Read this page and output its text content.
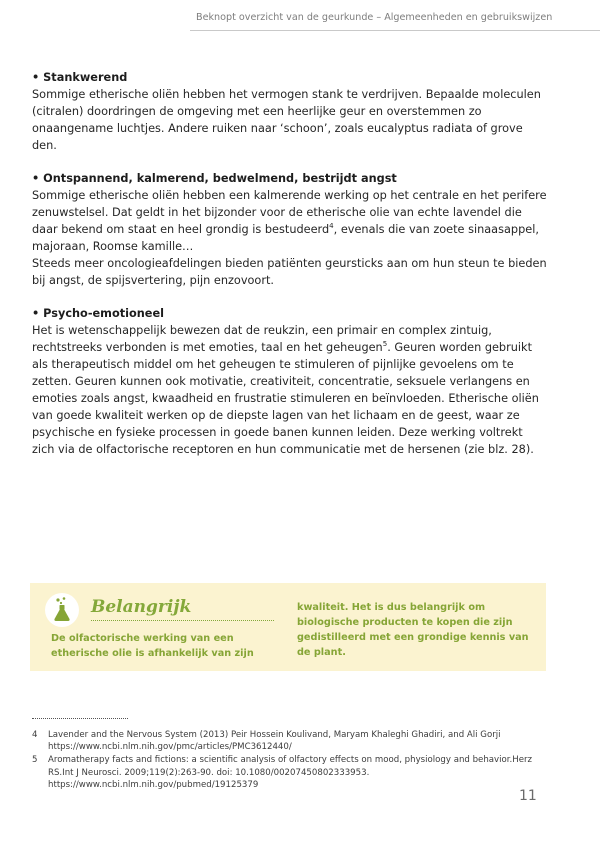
Beknopt overzicht van de geurkunde – Algemeenheden en gebruikswijzen
• Stankwerend

Sommige etherische oliën hebben het vermogen stank te verdrijven. Bepaalde moleculen (citralen) doordringen de omgeving met een heerlijke geur en overstemmen zo onaangename luchtjes. Andere ruiken naar ‘schoon’, zoals eucalyptus radiata of grove den.

• Ontspannend, kalmerend, bedwelmend, bestrijdt angst

Sommige etherische oliën hebben een kalmerende werking op het centrale en het perifere zenuwstelsel. Dat geldt in het bijzonder voor de etherische olie van echte lavendel die daar bekend om staat en heel grondig is bestudeerd$^4$, evenals die van zoete sinaasappel, majoraan, Roomse kamille…

Steeds meer oncologieafdelingen bieden patiënten geursticks aan om hun steun te bieden bij angst, de spijsvertering, pijn enzovoort.

• Psycho-emotioneel

Het is wetenschappelijk bewezen dat de reukzin, een primair en complex zintuig, rechtstreeks verbonden is met emoties, taal en het geheugen$^5$. Geuren worden gebruikt als therapeutisch middel om het geheugen te stimuleren of pijnlijke gevoelens om te zetten. Geuren kunnen ook motivatie, creativiteit, concentratie, seksuele verlangens en emoties zoals angst, kwaadheid en frustratie stimuleren en beïnvloeden. Etherische oliën van goede kwaliteit werken op de diepste lagen van het lichaam en de geest, waar ze psychische en fysieke processen in goede banen kunnen leiden. Deze werking voltrekt zich via de olfactorische receptoren en hun communicatie met de hersenen (zie blz. 28).

Belangrijk
De olfactorische werking van een etherische olie is afhankelijk van zijn
kwaliteit. Het is dus belangrijk om biologische producten te kopen die zijn gedistilleerd met een grondige kennis van de plant.
4	Lavender and the Nervous System (2013) Peir Hossein Koulivand, Maryam Khaleghi Ghadiri, and Ali Gorji https://www.ncbi.nlm.nih.gov/pmc/articles/PMC3612440/
5	Aromatherapy facts and fictions: a scientific analysis of olfactory effects on mood, physiology and behavior.Herz RS.Int J Neurosci. 2009;119(2):263-90. doi: 10.1080/00207450802333953. https://www.ncbi.nlm.nih.gov/pubmed/19125379
11
